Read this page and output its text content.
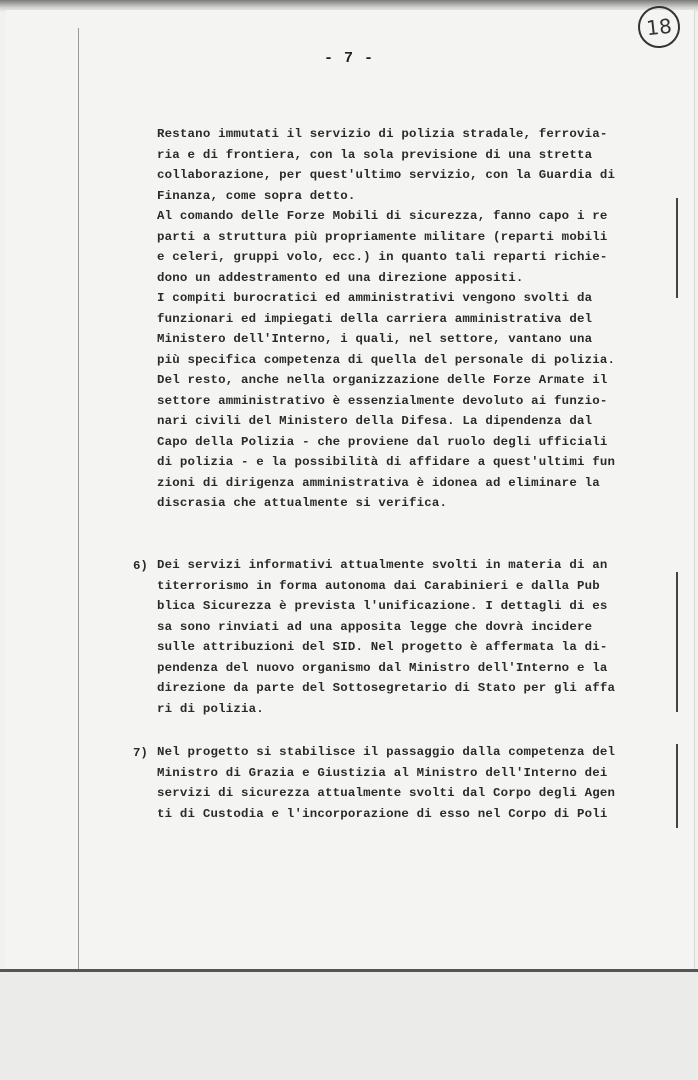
18
- 7 -
Restano immutati il servizio di polizia stradale, ferrovia-
ria e di frontiera, con la sola previsione di una stretta
collaborazione, per quest'ultimo servizio, con la Guardia di
Finanza, come sopra detto.
Al comando delle Forze Mobili di sicurezza, fanno capo i re
parti a struttura più propriamente militare (reparti mobili
e celeri, gruppi volo, ecc.) in quanto tali reparti richie-
dono un addestramento ed una direzione appositi.
I compiti burocratici ed amministrativi vengono svolti da
funzionari ed impiegati della carriera amministrativa del
Ministero dell'Interno, i quali, nel settore, vantano una
più specifica competenza di quella del personale di polizia.
Del resto, anche nella organizzazione delle Forze Armate il
settore amministrativo è essenzialmente devoluto ai funzio-
nari civili del Ministero della Difesa. La dipendenza dal
Capo della Polizia - che proviene dal ruolo degli ufficiali
di polizia - e la possibilità di affidare a quest'ultimi fun
zioni di dirigenza amministrativa è idonea ad eliminare la
discrasia che attualmente si verifica.
6) Dei servizi informativi attualmente svolti in materia di an
titerrorismo in forma autonoma dai Carabinieri e dalla Pub
blica Sicurezza è prevista l'unificazione. I dettagli di es
sa sono rinviati ad una apposita legge che dovrà incidere
sulle attribuzioni del SID. Nel progetto è affermata la di-
pendenza del nuovo organismo dal Ministro dell'Interno e la
direzione da parte del Sottosegretario di Stato per gli affa
ri di polizia.
7) Nel progetto si stabilisce il passaggio dalla competenza del
Ministro di Grazia e Giustizia al Ministro dell'Interno dei
servizi di sicurezza attualmente svolti dal Corpo degli Agen
ti di Custodia e l'incorporazione di esso nel Corpo di Poli
